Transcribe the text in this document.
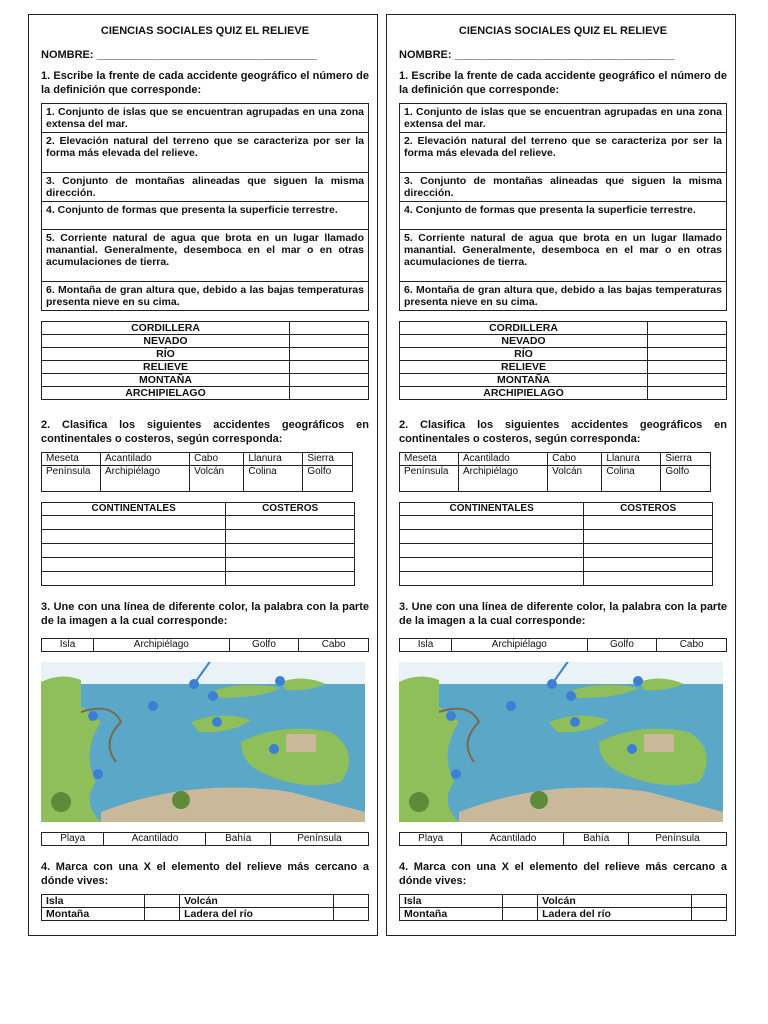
CIENCIAS SOCIALES QUIZ EL RELIEVE
NOMBRE: ____________________________________
1. Escribe la frente de cada accidente geográfico el número de la definición que corresponde:
1. Conjunto de islas que se encuentran agrupadas en una zona extensa del mar.
2. Elevación natural del terreno que se caracteriza por ser la forma más elevada del relieve.
3. Conjunto de montañas alineadas que siguen la misma dirección.
4. Conjunto de formas que presenta la superficie terrestre.
5. Corriente natural de agua que brota en un lugar llamado manantial. Generalmente, desemboca en el mar o en otras acumulaciones de tierra.
6. Montaña de gran altura que, debido a las bajas temperaturas presenta nieve en su cima.
CORDILLERA	
NEVADO	
RÍO	
RELIEVE	
MONTAÑA	
ARCHIPIELAGO	
2. Clasifica los siguientes accidentes geográficos en continentales o costeros, según corresponda:
Meseta	Acantilado	Cabo	Llanura	Sierra
Península	Archipiélago	Volcán	Colina	Golfo
CONTINENTALES	COSTEROS

3. Une con una línea de diferente color, la palabra con la parte de la imagen a la cual corresponde:
Isla	Archipiélago	Golfo	Cabo
Playa	Acantilado	Bahía	Península
4. Marca con una X el elemento del relieve más cercano a dónde vives:
Isla		Volcán	
Montaña		Ladera del río	
CIENCIAS SOCIALES QUIZ EL RELIEVE
NOMBRE: ____________________________________
1. Escribe la frente de cada accidente geográfico el número de la definición que corresponde:
1. Conjunto de islas que se encuentran agrupadas en una zona extensa del mar.
2. Elevación natural del terreno que se caracteriza por ser la forma más elevada del relieve.
3. Conjunto de montañas alineadas que siguen la misma dirección.
4. Conjunto de formas que presenta la superficie terrestre.
5. Corriente natural de agua que brota en un lugar llamado manantial. Generalmente, desemboca en el mar o en otras acumulaciones de tierra.
6. Montaña de gran altura que, debido a las bajas temperaturas presenta nieve en su cima.
CORDILLERA	
NEVADO	
RÍO	
RELIEVE	
MONTAÑA	
ARCHIPIELAGO	
2. Clasifica los siguientes accidentes geográficos en continentales o costeros, según corresponda:
Meseta	Acantilado	Cabo	Llanura	Sierra
Península	Archipiélago	Volcán	Colina	Golfo
CONTINENTALES	COSTEROS

3. Une con una línea de diferente color, la palabra con la parte de la imagen a la cual corresponde:
Isla	Archipiélago	Golfo	Cabo
Playa	Acantilado	Bahía	Península
4. Marca con una X el elemento del relieve más cercano a dónde vives:
Isla		Volcán	
Montaña		Ladera del río	
